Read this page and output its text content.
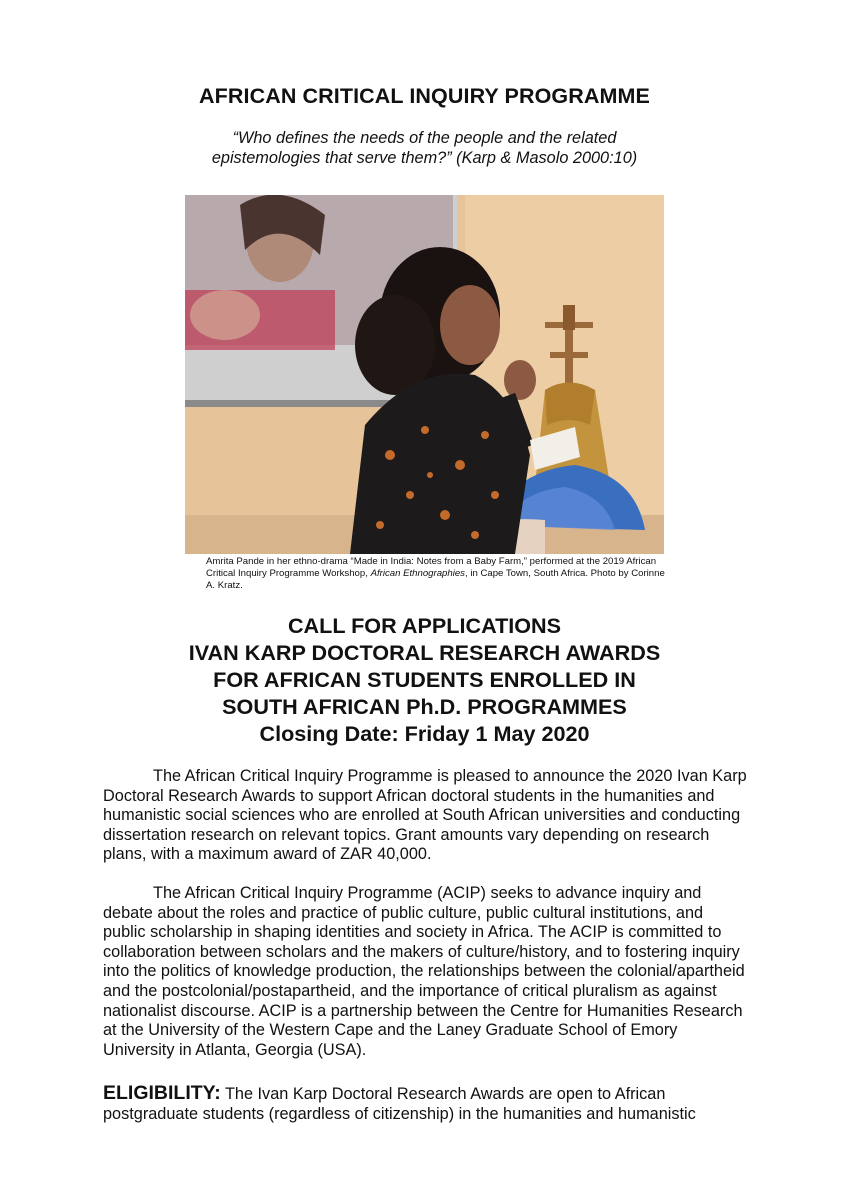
AFRICAN CRITICAL INQUIRY PROGRAMME
“Who defines the needs of the people and the related
epistemologies that serve them?” (Karp & Masolo 2000:10)
Amrita Pande in her ethno-drama “Made in India: Notes from a Baby Farm,” performed at the 2019 African Critical Inquiry Programme Workshop, African Ethnographies, in Cape Town, South Africa. Photo by Corinne A. Kratz.
CALL FOR APPLICATIONS
IVAN KARP DOCTORAL RESEARCH AWARDS
FOR AFRICAN STUDENTS ENROLLED IN
SOUTH AFRICAN Ph.D. PROGRAMMES
Closing Date: Friday 1 May 2020
The African Critical Inquiry Programme is pleased to announce the 2020 Ivan Karp Doctoral Research Awards to support African doctoral students in the humanities and humanistic social sciences who are enrolled at South African universities and conducting dissertation research on relevant topics. Grant amounts vary depending on research plans, with a maximum award of ZAR 40,000.
The African Critical Inquiry Programme (ACIP) seeks to advance inquiry and debate about the roles and practice of public culture, public cultural institutions, and public scholarship in shaping identities and society in Africa. The ACIP is committed to collaboration between scholars and the makers of culture/history, and to fostering inquiry into the politics of knowledge production, the relationships between the colonial/apartheid and the postcolonial/postapartheid, and the importance of critical pluralism as against nationalist discourse. ACIP is a partnership between the Centre for Humanities Research at the University of the Western Cape and the Laney Graduate School of Emory University in Atlanta, Georgia (USA).
ELIGIBILITY: The Ivan Karp Doctoral Research Awards are open to African postgraduate students (regardless of citizenship) in the humanities and humanistic
